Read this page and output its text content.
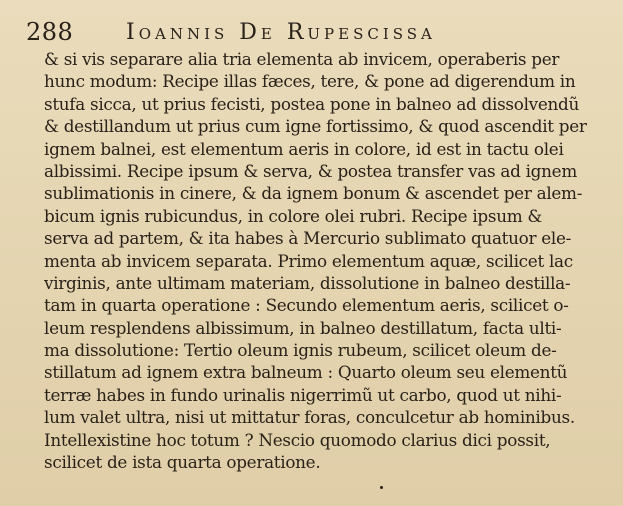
288 Ioannis De Rupescissa
& si vis separare alia tria elementa ab invicem, operaberis per
hunc modum: Recipe illas fæces, tere, & pone ad digerendum in
stufa sicca, ut prius fecisti, postea pone in balneo ad dissolvendũ
& destillandum ut prius cum igne fortissimo, & quod ascendit per
ignem balnei, est elementum aeris in colore, id est in tactu olei
albissimi. Recipe ipsum & serva, & postea transfer vas ad ignem
sublimationis in cinere, & da ignem bonum & ascendet per alem-
bicum ignis rubicundus, in colore olei rubri. Recipe ipsum &
serva ad partem, & ita habes à Mercurio sublimato quatuor ele-
menta ab invicem separata. Primo elementum aquæ, scilicet lac
virginis, ante ultimam materiam, dissolutione in balneo destilla-
tam in quarta operatione : Secundo elementum aeris, scilicet o-
leum resplendens albissimum, in balneo destillatum, facta ulti-
ma dissolutione: Tertio oleum ignis rubeum, scilicet oleum de-
stillatum ad ignem extra balneum : Quarto oleum seu elementũ
terræ habes in fundo urinalis nigerrimũ ut carbo, quod ut nihi-
lum valet ultra, nisi ut mittatur foras, conculcetur ab hominibus.
Intellexistine hoc totum ? Nescio quomodo clarius dici possit,
scilicet de ista quarta operatione.
